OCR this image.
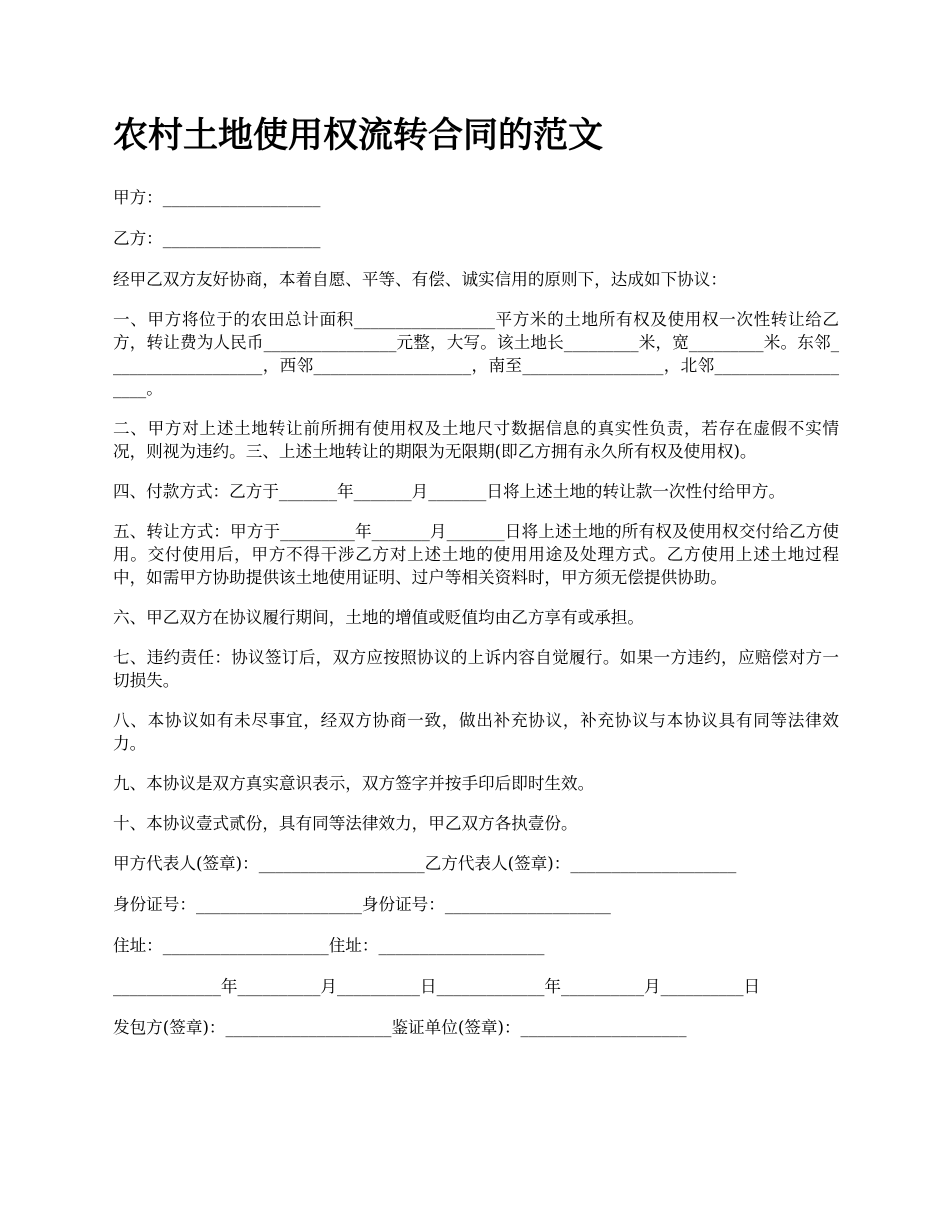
农村土地使用权流转合同的范文

甲方：___________________

乙方：___________________

经甲乙双方友好协商，本着自愿、平等、有偿、诚实信用的原则下，达成如下协议：

一、甲方将位于的农田总计面积_________________平方米的土地所有权及使用权一次性转让给乙方，转让费为人民币________________元整，大写。该土地长_________米，宽_________米。东邻___________________，西邻___________________，南至_________________，北邻___________________。

二、甲方对上述土地转让前所拥有使用权及土地尺寸数据信息的真实性负责，若存在虚假不实情况，则视为违约。三、上述土地转让的期限为无限期(即乙方拥有永久所有权及使用权)。

四、付款方式：乙方于_______年_______月_______日将上述土地的转让款一次性付给甲方。

五、转让方式：甲方于_________年_______月_______日将上述土地的所有权及使用权交付给乙方使用。交付使用后，甲方不得干涉乙方对上述土地的使用用途及处理方式。乙方使用上述土地过程中，如需甲方协助提供该土地使用证明、过户等相关资料时，甲方须无偿提供协助。

六、甲乙双方在协议履行期间，土地的增值或贬值均由乙方享有或承担。

七、违约责任：协议签订后，双方应按照协议的上诉内容自觉履行。如果一方违约，应赔偿对方一切损失。

八、本协议如有未尽事宜，经双方协商一致，做出补充协议，补充协议与本协议具有同等法律效力。

九、本协议是双方真实意识表示，双方签字并按手印后即时生效。

十、本协议壹式贰份，具有同等法律效力，甲乙双方各执壹份。

甲方代表人(签章)：____________________乙方代表人(签章)：____________________

身份证号：____________________身份证号：____________________

住址：____________________住址：____________________

_____________年__________月__________日_____________年__________月__________日

发包方(签章)：____________________鉴证单位(签章)：____________________
